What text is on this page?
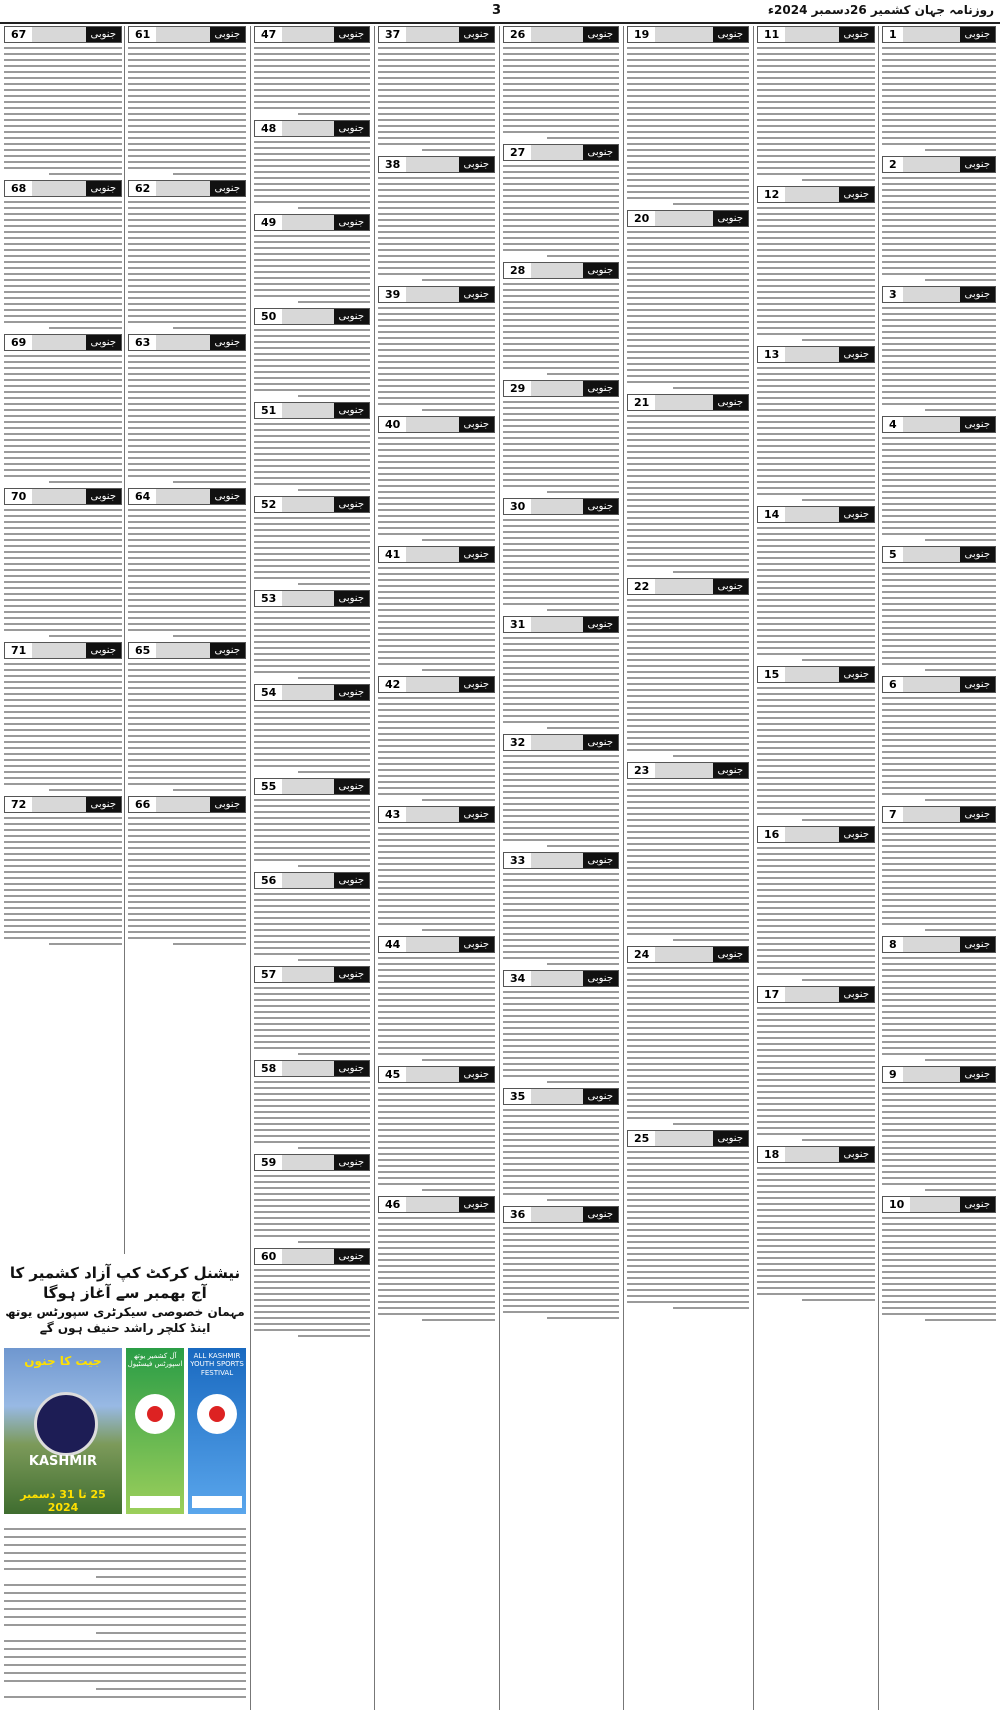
روزنامہ جہان کشمیر 26دسمبر 2024ء
3
جنوبی
1
جنوبی
2
جنوبی
3
جنوبی
4
جنوبی
5
جنوبی
6
جنوبی
7
جنوبی
8
جنوبی
9
جنوبی
10
جنوبی
11
جنوبی
12
جنوبی
13
جنوبی
14
جنوبی
15
جنوبی
16
جنوبی
17
جنوبی
18
جنوبی
19
جنوبی
20
جنوبی
21
جنوبی
22
جنوبی
23
جنوبی
24
جنوبی
25
جنوبی
26
جنوبی
27
جنوبی
28
جنوبی
29
جنوبی
30
جنوبی
31
جنوبی
32
جنوبی
33
جنوبی
34
جنوبی
35
جنوبی
36
جنوبی
37
جنوبی
38
جنوبی
39
جنوبی
40
جنوبی
41
جنوبی
42
جنوبی
43
جنوبی
44
جنوبی
45
جنوبی
46
جنوبی
47
جنوبی
48
جنوبی
49
جنوبی
50
جنوبی
51
جنوبی
52
جنوبی
53
جنوبی
54
جنوبی
55
جنوبی
56
جنوبی
57
جنوبی
58
جنوبی
59
جنوبی
60
جنوبی
61
جنوبی
62
جنوبی
63
جنوبی
64
جنوبی
65
جنوبی
66
جنوبی
67
جنوبی
68
جنوبی
69
جنوبی
70
جنوبی
71
جنوبی
72
نیشنل کرکٹ کپ آزاد کشمیر کا آج بھمبر سے آغاز ہوگا
مہمان خصوصی سیکرٹری سپورٹس یوتھ اینڈ کلچر راشد حنیف ہوں گے
جیت کا جنون
KASHMIR
25 تا 31 دسمبر 2024
آل کشمیر یوتھ اسپورٹس فیسٹیول
ALL KASHMIR YOUTH SPORTS FESTIVAL
